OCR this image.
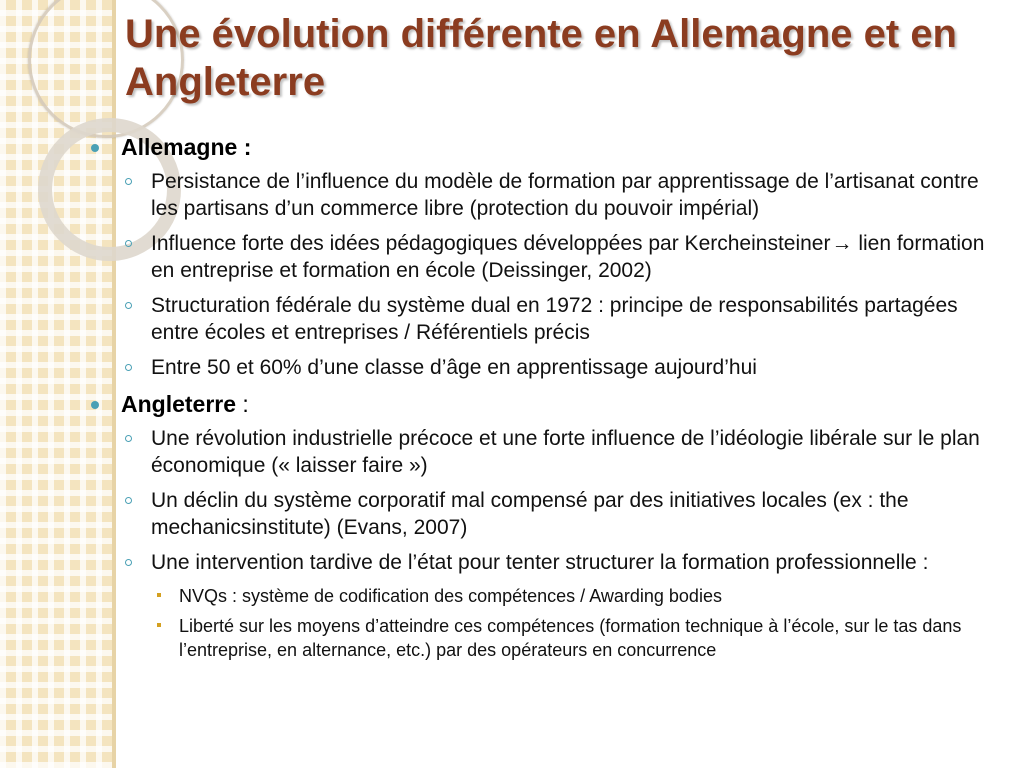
Une évolution différente en Allemagne et en Angleterre
Allemagne :
Persistance de l’influence du modèle de formation par apprentissage de l’artisanat contre les partisans d’un commerce libre (protection du pouvoir impérial)
Influence forte des idées pédagogiques développées par Kercheinsteiner→ lien formation en entreprise et formation en école (Deissinger, 2002)
Structuration fédérale du système dual en 1972 : principe de responsabilités partagées entre écoles et entreprises / Référentiels précis
Entre 50 et 60% d’une classe d’âge en apprentissage aujourd’hui
Angleterre :
Une révolution industrielle précoce et une forte influence de l’idéologie libérale sur le plan économique (« laisser faire »)
Un déclin du système corporatif mal compensé par des initiatives locales (ex : the mechanicsinstitute) (Evans, 2007)
Une intervention tardive de l’état pour tenter structurer la formation professionnelle :
NVQs : système de codification des compétences / Awarding bodies
Liberté sur les moyens d’atteindre ces compétences (formation technique à l’école, sur le tas dans l’entreprise, en alternance, etc.) par des opérateurs en concurrence
